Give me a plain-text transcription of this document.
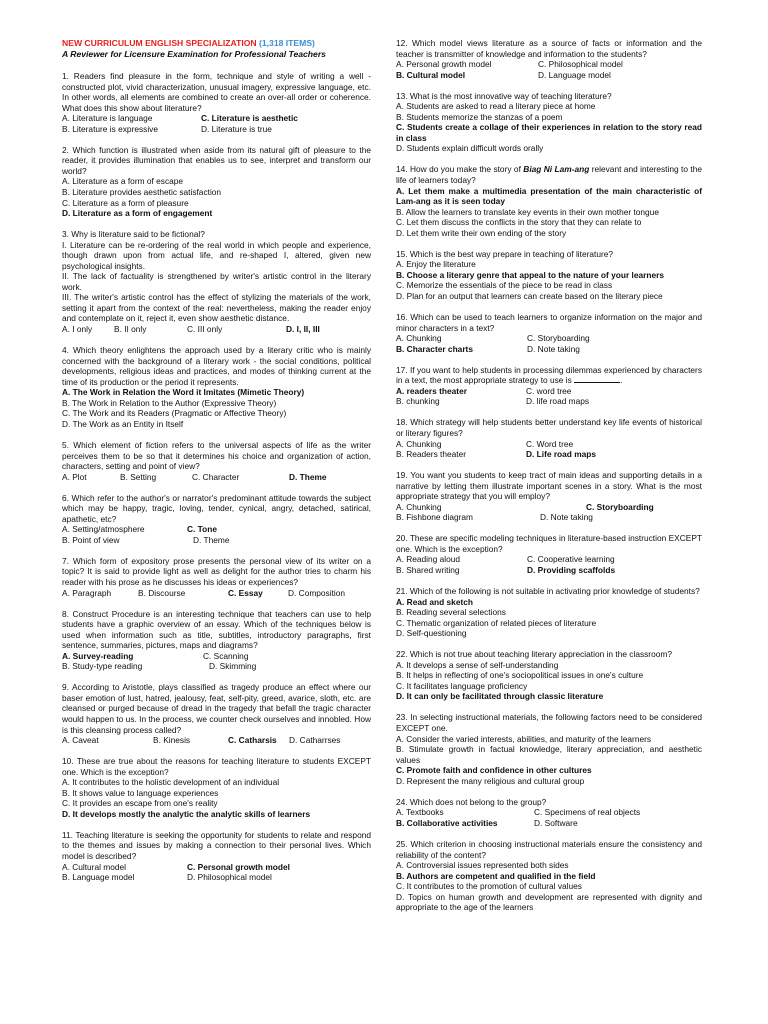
NEW CURRICULUM ENGLISH SPECIALIZATION (1,318 ITEMS)
A Reviewer for Licensure Examination for Professional Teachers
1. Readers find pleasure in the form, technique and style of writing a well - constructed plot, vivid characterization, unusual imagery, expressive language, etc. In other words, all elements are combined to create an over-all order or coherence. What does this show about literature?
A. Literature is language	C. Literature is aesthetic
B. Literature is expressive	D. Literature is true
2. Which function is illustrated when aside from its natural gift of pleasure to the reader, it provides illumination that enables us to see, interpret and transform our world?
A. Literature as a form of escape
B. Literature provides aesthetic satisfaction
C. Literature as a form of pleasure
D. Literature as a form of engagement
3. Why is literature said to be fictional?
I. Literature can be re-ordering of the real world in which people and experience, though drawn upon from actual life, and re-shaped I, altered, given new psychological insights.
II. The lack of factuality is strengthened by writer's artistic control in the literary work.
III. The writer's artistic control has the effect of stylizing the materials of the work, setting it apart from the context of the real: nevertheless, making the reader enjoy and contemplate on it, reject it, even show aesthetic distance.
A. I only	B. II only	C. III only	D. I, II, III
4. Which theory enlightens the approach used by a literary critic who is mainly concerned with the background of a literary work - the social conditions, political developments, religious ideas and practices, and modes of thinking current at the time of its production or the period it represents.
A. The Work in Relation the Word it Imitates (Mimetic Theory)
B. The Work in Relation to the Author (Expressive Theory)
C. The Work and its Readers (Pragmatic or Affective Theory)
D. The Work as an Entity in Itself
5. Which element of fiction refers to the universal aspects of life as the writer perceives them to be so that it determines his choice and organization of action, characters, setting and point of view?
A. Plot	B. Setting	C. Character	D. Theme
6. Which refer to the author's or narrator's predominant attitude towards the subject which may be happy, tragic, loving, tender, cynical, angry, detached, satirical, apathetic, etc?
A. Setting/atmosphere	C. Tone
B. Point of view	D. Theme
7. Which form of expository prose presents the personal view of its writer on a topic? It is said to provide light as well as delight for the author tries to charm his reader with his prose as he discusses his ideas or experiences?
A. Paragraph	B. Discourse	C. Essay	D. Composition
8. Construct Procedure is an interesting technique that teachers can use to help students have a graphic overview of an essay. Which of the techniques below is used when information such as title, subtitles, introductory paragraphs, first sentence, summaries, pictures, maps and diagrams?
A. Survey-reading	C. Scanning
B. Study-type reading	D. Skimming
9. According to Aristotle, plays classified as tragedy produce an effect where our baser emotion of lust, hatred, jealousy, feat, self-pity, greed, avarice, sloth, etc. are cleansed or purged because of dread in the tragedy that befall the tragic character would happen to us. In the process, we counter check ourselves and innobled. How is this cleansing process called?
A. Caveat	B. Kinesis	C. Catharsis	D. Catharrses
10. These are true about the reasons for teaching literature to students EXCEPT one. Which is the exception?
A. It contributes to the holistic development of an individual
B. It shows value to language experiences
C. It provides an escape from one's reality
D. It develops mostly the analytic the analytic skills of learners
11. Teaching literature is seeking the opportunity for students to relate and respond to the themes and issues by making a connection to their personal lives. Which model is described?
A. Cultural model	C. Personal growth model
B. Language model	D. Philosophical model
12. Which model views literature as a source of facts or information and the teacher is transmitter of knowledge and information to the students?
A. Personal growth model	C. Philosophical model
B. Cultural model	D. Language model
13. What is the most innovative way of teaching literature?
A. Students are asked to read a literary piece at home
B. Students memorize the stanzas of a poem
C. Students create a collage of their experiences in relation to the story read in class
D. Students explain difficult words orally
14. How do you make the story of Biag Ni Lam-ang relevant and interesting to the life of learners today?
A. Let them make a multimedia presentation of the main characteristic of Lam-ang as it is seen today
B. Allow the learners to translate key events in their own mother tongue
C. Let them discuss the conflicts in the story that they can relate to
D. Let them write their own ending of the story
15. Which is the best way prepare in teaching of literature?
A. Enjoy the literature
B. Choose a literary genre that appeal to the nature of your learners
C. Memorize the essentials of the piece to be read in class
D. Plan for an output that learners can create based on the literary piece
16. Which can be used to teach learners to organize information on the major and minor characters in a text?
A. Chunking	C. Storyboarding
B. Character charts	D. Note taking
17. If you want to help students in processing dilemmas experienced by characters in a text, the most appropriate strategy to use is	.
A. readers theater	C. word tree
B. chunking	D. life road maps
18. Which strategy will help students better understand key life events of historical or literary figures?
A. Chunking	C. Word tree
B. Readers theater	D. Life road maps
19. You want you students to keep tract of main ideas and supporting details in a narrative by letting them illustrate important scenes in a story. What is the most appropriate strategy that you will employ?
A. Chunking	C. Storyboarding
B. Fishbone diagram	D. Note taking
20. These are specific modeling techniques in literature-based instruction EXCEPT one. Which is the exception?
A. Reading aloud	C. Cooperative learning
B. Shared writing	D. Providing scaffolds
21. Which of the following is not suitable in activating prior knowledge of students?
A. Read and sketch
B. Reading several selections
C. Thematic organization of related pieces of literature
D. Self-questioning
22. Which is not true about teaching literary appreciation in the classroom?
A. It develops a sense of self-understanding
B. It helps in reflecting of one's sociopolitical issues in one's culture
C. It facilitates language proficiency
D. It can only be facilitated through classic literature
23. In selecting instructional materials, the following factors need to be considered EXCEPT one.
A. Consider the varied interests, abilities, and maturity of the learners
B. Stimulate growth in factual knowledge, literary appreciation, and aesthetic values
C. Promote faith and confidence in other cultures
D. Represent the many religious and cultural group
24. Which does not belong to the group?
A. Textbooks	C. Specimens of real objects
B. Collaborative activities	D. Software
25. Which criterion in choosing instructional materials ensure the consistency and reliability of the content?
A. Controversial issues represented both sides
B. Authors are competent and qualified in the field
C. It contributes to the promotion of cultural values
D. Topics on human growth and development are represented with dignity and appropriate to the age of the learners
